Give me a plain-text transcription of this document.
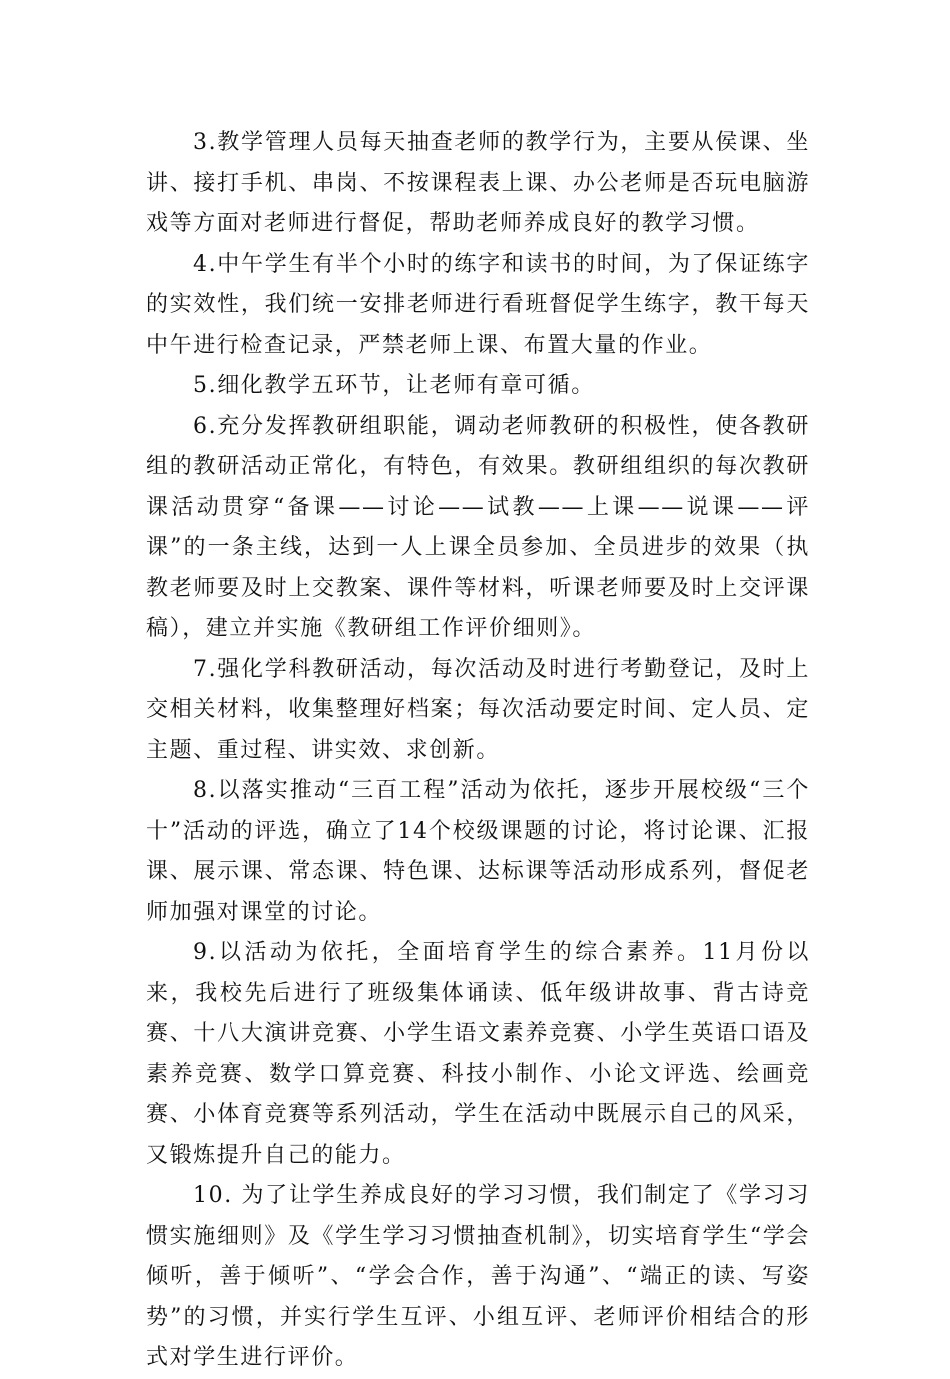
3.教学管理人员每天抽查老师的教学行为，主要从侯课、坐讲、接打手机、串岗、不按课程表上课、办公老师是否玩电脑游戏等方面对老师进行督促，帮助老师养成良好的教学习惯。

4.中午学生有半个小时的练字和读书的时间，为了保证练字的实效性，我们统一安排老师进行看班督促学生练字，教干每天中午进行检查记录，严禁老师上课、布置大量的作业。

5.细化教学五环节，让老师有章可循。

6.充分发挥教研组职能，调动老师教研的积极性，使各教研组的教研活动正常化，有特色，有效果。教研组组织的每次教研课活动贯穿“备课——讨论——试教——上课——说课——评课”的一条主线，达到一人上课全员参加、全员进步的效果（执教老师要及时上交教案、课件等材料，听课老师要及时上交评课稿），建立并实施《教研组工作评价细则》。

7.强化学科教研活动，每次活动及时进行考勤登记，及时上交相关材料，收集整理好档案；每次活动要定时间、定人员、定主题、重过程、讲实效、求创新。

8.以落实推动“三百工程”活动为依托，逐步开展校级“三个十”活动的评选，确立了14个校级课题的讨论，将讨论课、汇报课、展示课、常态课、特色课、达标课等活动形成系列，督促老师加强对课堂的讨论。

9.以活动为依托，全面培育学生的综合素养。11月份以来，我校先后进行了班级集体诵读、低年级讲故事、背古诗竞赛、十八大演讲竞赛、小学生语文素养竞赛、小学生英语口语及素养竞赛、数学口算竞赛、科技小制作、小论文评选、绘画竞赛、小体育竞赛等系列活动，学生在活动中既展示自己的风采，又锻炼提升自己的能力。

10. 为了让学生养成良好的学习习惯，我们制定了《学习习惯实施细则》及《学生学习习惯抽查机制》，切实培育学生“学会倾听，善于倾听”、“学会合作，善于沟通”、“端正的读、写姿势”的习惯，并实行学生互评、小组互评、老师评价相结合的形式对学生进行评价。
